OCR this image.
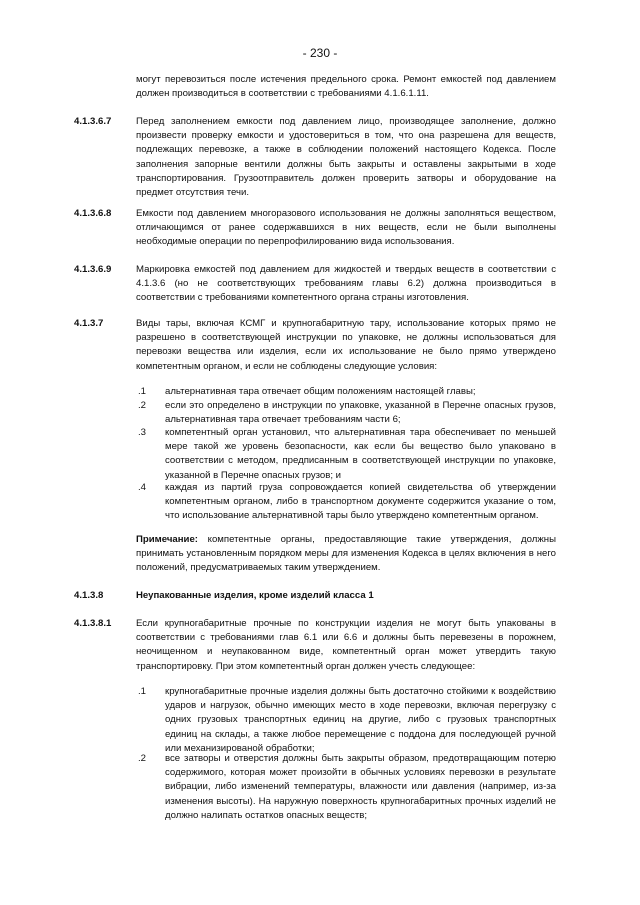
- 230 -

могут перевозиться после истечения предельного срока. Ремонт емкостей под давлением должен производиться в соответствии с требованиями 4.1.6.1.11.

4.1.3.6.7	Перед заполнением емкости под давлением лицо, производящее заполнение, должно произвести проверку емкости и удостовериться в том, что она разрешена для веществ, подлежащих перевозке, а также в соблюдении положений настоящего Кодекса. После заполнения запорные вентили должны быть закрыты и оставлены закрытыми в ходе транспортирования. Грузоотправитель должен проверить затворы и оборудование на предмет отсутствия течи.

4.1.3.6.8	Емкости под давлением многоразового использования не должны заполняться веществом, отличающимся от ранее содержавшихся в них веществ, если не были выполнены необходимые операции по перепрофилированию вида использования.

4.1.3.6.9	Маркировка емкостей под давлением для жидкостей и твердых веществ в соответствии с 4.1.3.6 (но не соответствующих требованиям главы 6.2) должна производиться в соответствии с требованиями компетентного органа страны изготовления.

4.1.3.7	Виды тары, включая КСМГ и крупногабаритную тару, использование которых прямо не разрешено в соответствующей инструкции по упаковке, не должны использоваться для перевозки вещества или изделия, если их использование не было прямо утверждено компетентным органом, и если не соблюдены следующие условия:

.1 альтернативная тара отвечает общим положениям настоящей главы;

.2 если это определено в инструкции по упаковке, указанной в Перечне опасных грузов, альтернативная тара отвечает требованиям части 6;

.3 компетентный орган установил, что альтернативная тара обеспечивает по меньшей мере такой же уровень безопасности, как если бы вещество было упаковано в соответствии с методом, предписанным в соответствующей инструкции по упаковке, указанной в Перечне опасных грузов; и

.4 каждая из партий груза сопровождается копией свидетельства об утверждении компетентным органом, либо в транспортном документе содержится указание о том, что использование альтернативной тары было утверждено компетентным органом.

Примечание: компетентные органы, предоставляющие такие утверждения, должны принимать установленным порядком меры для изменения Кодекса в целях включения в него положений, предусматриваемых таким утверждением.

4.1.3.8	Неупакованные изделия, кроме изделий класса 1
4.1.3.8.1	Если крупногабаритные прочные по конструкции изделия не могут быть упакованы в соответствии с требованиями глав 6.1 или 6.6 и должны быть перевезены в порожнем, неочищенном и неупакованном виде, компетентный орган может утвердить такую транспортировку. При этом компетентный орган должен учесть следующее:

.1 крупногабаритные прочные изделия должны быть достаточно стойкими к воздействию ударов и нагрузок, обычно имеющих место в ходе перевозки, включая перегрузку с одних грузовых транспортных единиц на другие, либо с грузовых транспортных единиц на склады, а также любое перемещение с поддона для последующей ручной или механизированой обработки;

.2 все затворы и отверстия должны быть закрыты образом, предотвращающим потерю содержимого, которая может произойти в обычных условиях перевозки в результате вибрации, либо изменений температуры, влажности или давления (например, из-за изменения высоты). На наружную поверхность крупногабаритных прочных изделий не должно налипать остатков опасных веществ;
